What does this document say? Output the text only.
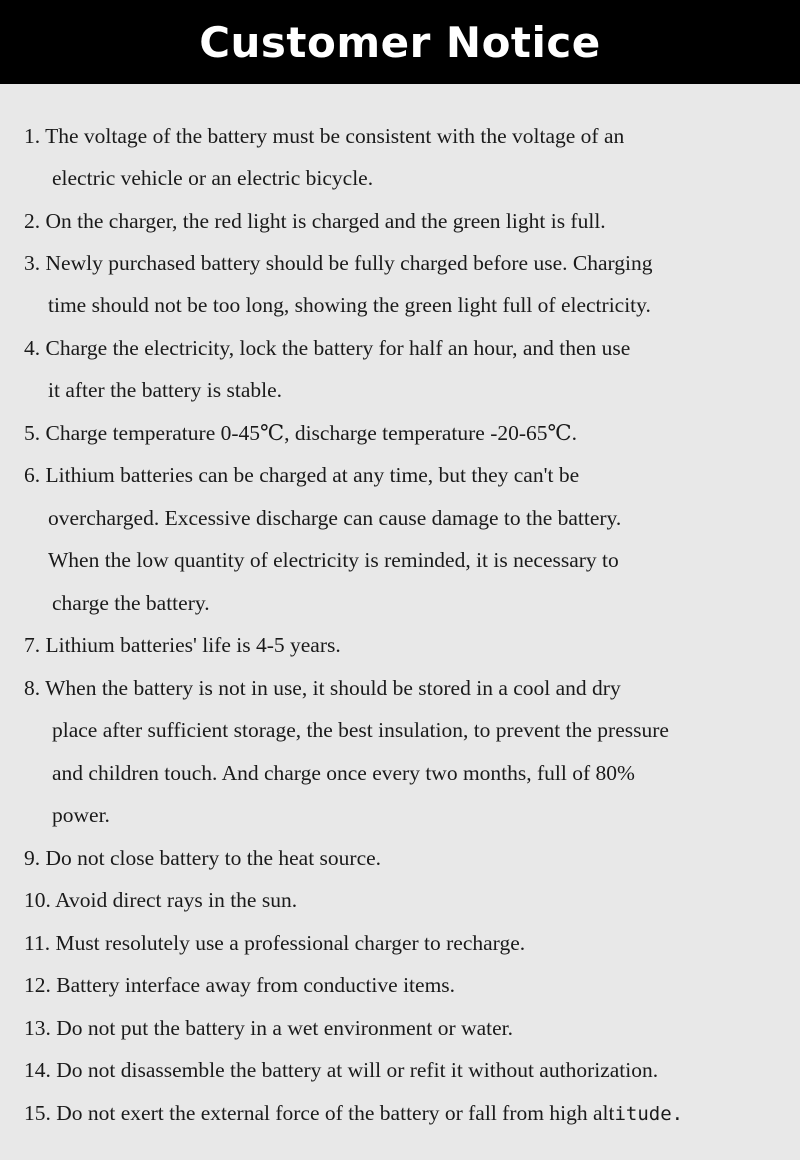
Customer Notice
1. The voltage of the battery must be consistent with the voltage of an
electric vehicle or an electric bicycle.
2. On the charger, the red light is charged and the green light is full.
3. Newly purchased battery should be fully charged before use. Charging
time should not be too long, showing the green light full of electricity.
4. Charge the electricity, lock the battery for half an hour, and then use
it after the battery is stable.
5. Charge temperature 0-45℃, discharge temperature -20-65℃.
6. Lithium batteries can be charged at any time, but they can't be
overcharged. Excessive discharge can cause damage to the battery.
When the low quantity of electricity is reminded, it is necessary to
charge the battery.
7. Lithium batteries' life is 4-5 years.
8. When the battery is not in use, it should be stored in a cool and dry
place after sufficient storage, the best insulation, to prevent the pressure
and children touch. And charge once every two months, full of 80%
power.
9. Do not close battery to the heat source.
10. Avoid direct rays in the sun.
11. Must resolutely use a professional charger to recharge.
12. Battery interface away from conductive items.
13. Do not put the battery in a wet environment or water.
14. Do not disassemble the battery at will or refit it without authorization.
15. Do not exert the external force of the battery or fall from high altitude.
